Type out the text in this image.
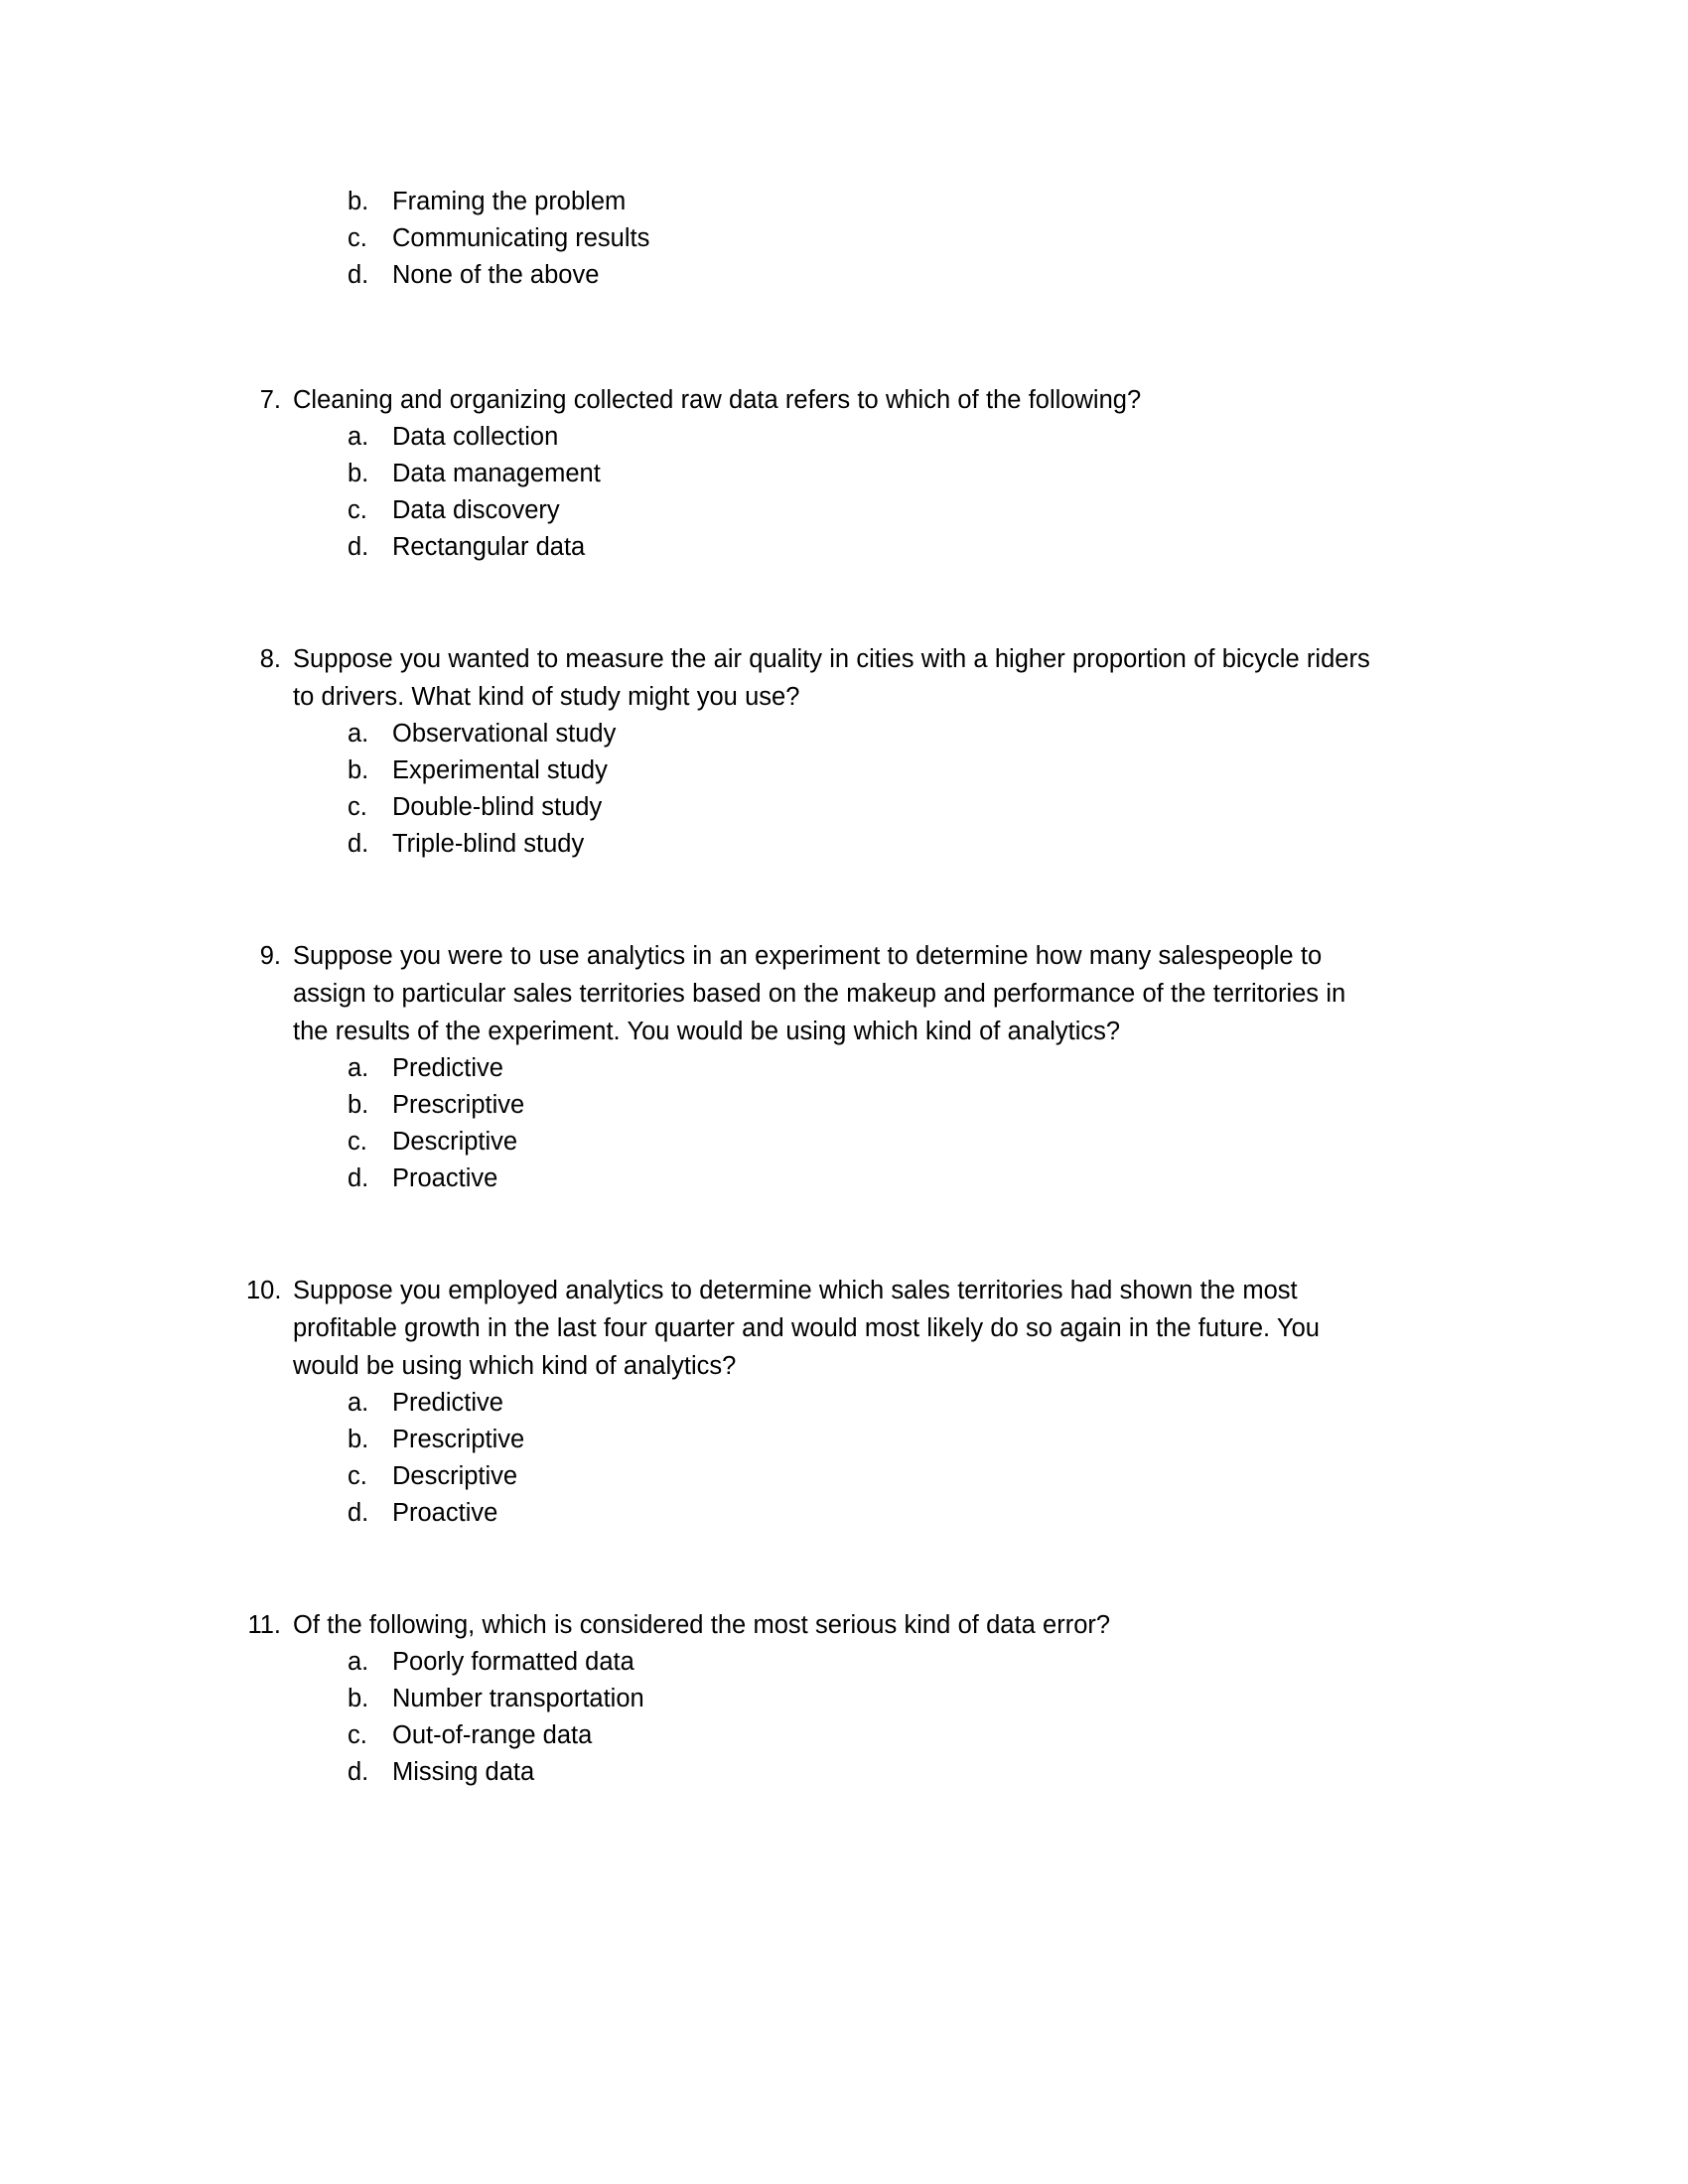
b. Framing the problem
c. Communicating results
d. None of the above
7. Cleaning and organizing collected raw data refers to which of the following?
a. Data collection
b. Data management
c. Data discovery
d. Rectangular data
8. Suppose you wanted to measure the air quality in cities with a higher proportion of bicycle riders
to drivers. What kind of study might you use?
a. Observational study
b. Experimental study
c. Double-blind study
d. Triple-blind study
9. Suppose you were to use analytics in an experiment to determine how many salespeople to
assign to particular sales territories based on the makeup and performance of the territories in
the results of the experiment. You would be using which kind of analytics?
a. Predictive
b. Prescriptive
c. Descriptive
d. Proactive
10. Suppose you employed analytics to determine which sales territories had shown the most
profitable growth in the last four quarter and would most likely do so again in the future. You
would be using which kind of analytics?
a. Predictive
b. Prescriptive
c. Descriptive
d. Proactive
11. Of the following, which is considered the most serious kind of data error?
a. Poorly formatted data
b. Number transportation
c. Out-of-range data
d. Missing data
